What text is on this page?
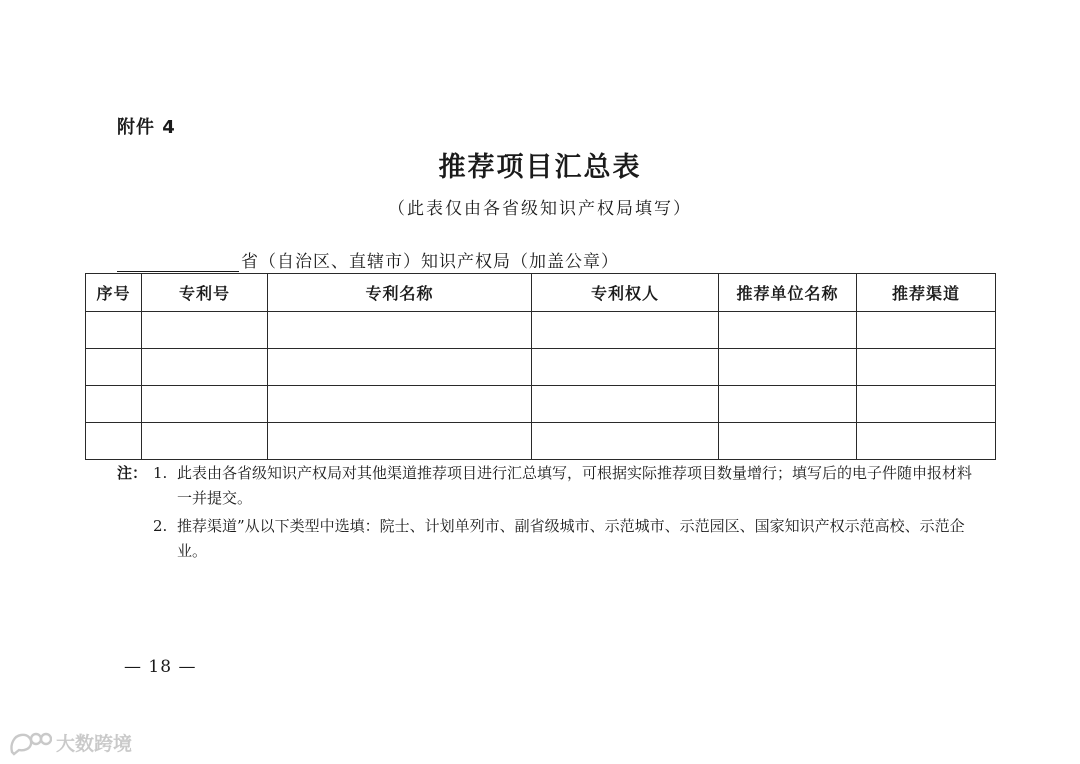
附件 4
推荐项目汇总表
（此表仅由各省级知识产权局填写）
省（自治区、直辖市）知识产权局（加盖公章）
序号	专利号	专利名称	专利权人	推荐单位名称	推荐渠道

注： 1. 此表由各省级知识产权局对其他渠道推荐项目进行汇总填写，可根据实际推荐项目数量增行；填写后的电子件随申报材料一并提交。
2. 推荐渠道”从以下类型中选填：院士、计划单列市、副省级城市、示范城市、示范园区、国家知识产权示范高校、示范企业。
— 18 —
大数跨境
